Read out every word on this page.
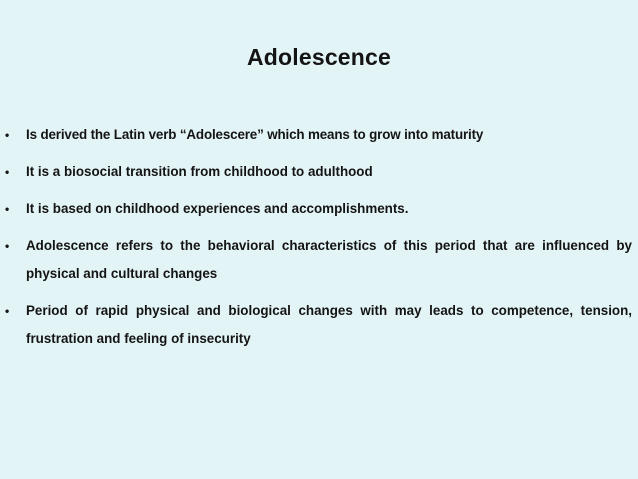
Adolescence
• Is derived the Latin verb “Adolescere” which means to grow into maturity
• It is a biosocial transition from childhood to adulthood
• It is based on childhood experiences and accomplishments.
• Adolescence refers to the behavioral characteristics of this period that are influenced by physical and cultural changes
• Period of rapid physical and biological changes with may leads to competence, tension, frustration and feeling of insecurity
